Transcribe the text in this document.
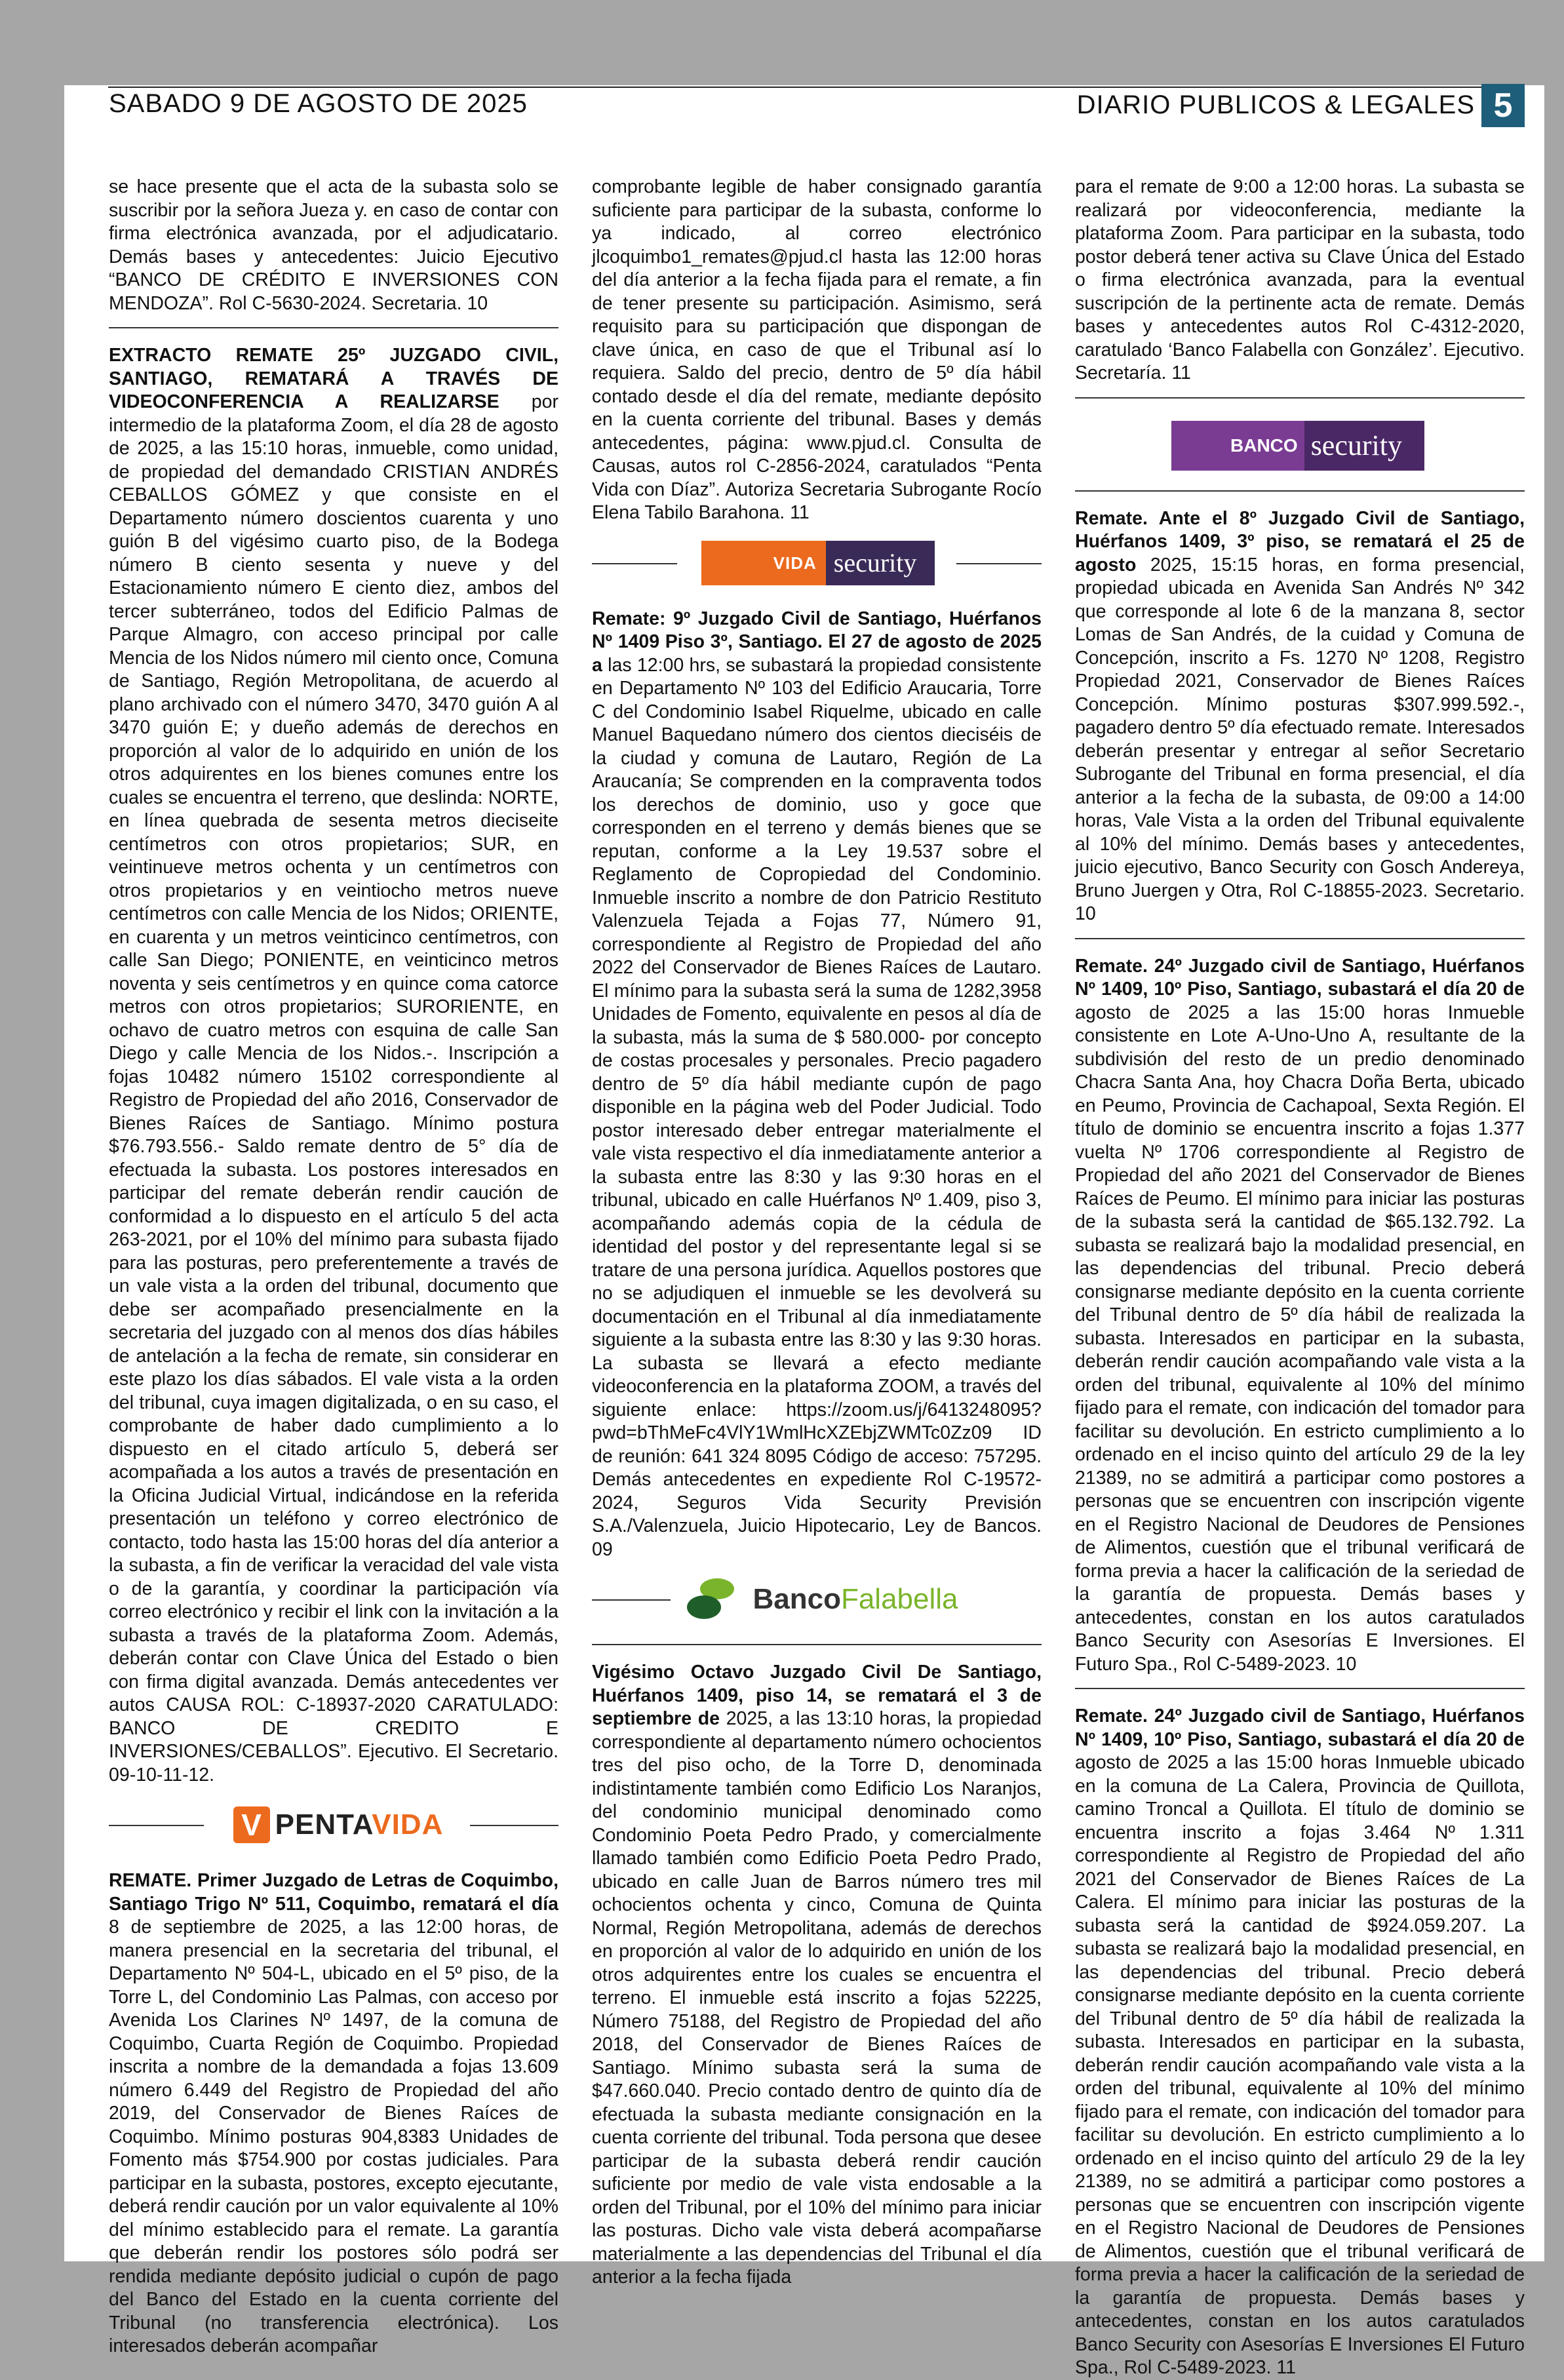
SABADO 9 DE AGOSTO DE 2025	DIARIO PUBLICOS & LEGALES 5

se hace presente que el acta de la subasta solo se suscribir por la señora Jueza y. en caso de contar con firma electrónica avanzada, por el adjudicatario. Demás bases y antecedentes: Juicio Ejecutivo “BANCO DE CRÉDITO E INVERSIONES CON MENDOZA”. Rol C-5630-2024. Secretaria. 10

EXTRACTO REMATE 25º JUZGADO CIVIL, SANTIAGO, REMATARÁ A TRAVÉS DE VIDEOCONFERENCIA A REALIZARSE por intermedio de la plataforma Zoom, el día 28 de agosto de 2025, a las 15:10 horas, inmueble, como unidad, de propiedad del demandado CRISTIAN ANDRÉS CEBALLOS GÓMEZ y que consiste en el Departamento número doscientos cuarenta y uno guión B del vigésimo cuarto piso, de la Bodega número B ciento sesenta y nueve y del Estacionamiento número E ciento diez, ambos del tercer subterráneo, todos del Edificio Palmas de Parque Almagro, con acceso principal por calle Mencia de los Nidos número mil ciento once, Comuna de Santiago, Región Metropolitana, de acuerdo al plano archivado con el número 3470, 3470 guión A al 3470 guión E; y dueño además de derechos en proporción al valor de lo adquirido en unión de los otros adquirentes en los bienes comunes entre los cuales se encuentra el terreno, que deslinda: NORTE, en línea quebrada de sesenta metros dieciseite centímetros con otros propietarios; SUR, en veintinueve metros ochenta y un centímetros con otros propietarios y en veintiocho metros nueve centímetros con calle Mencia de los Nidos; ORIENTE, en cuarenta y un metros veinticinco centímetros, con calle San Diego; PONIENTE, en veinticinco metros noventa y seis centímetros y en quince coma catorce metros con otros propietarios; SURORIENTE, en ochavo de cuatro metros con esquina de calle San Diego y calle Mencia de los Nidos.-. Inscripción a fojas 10482 número 15102 correspondiente al Registro de Propiedad del año 2016, Conservador de Bienes Raíces de Santiago. Mínimo postura $76.793.556.- Saldo remate dentro de 5° día de efectuada la subasta. Los postores interesados en participar del remate deberán rendir caución de conformidad a lo dispuesto en el artículo 5 del acta 263-2021, por el 10% del mínimo para subasta fijado para las posturas, pero preferentemente a través de un vale vista a la orden del tribunal, documento que debe ser acompañado presencialmente en la secretaria del juzgado con al menos dos días hábiles de antelación a la fecha de remate, sin considerar en este plazo los días sábados. El vale vista a la orden del tribunal, cuya imagen digitalizada, o en su caso, el comprobante de haber dado cumplimiento a lo dispuesto en el citado artículo 5, deberá ser acompañada a los autos a través de presentación en la Oficina Judicial Virtual, indicándose en la referida presentación un teléfono y correo electrónico de contacto, todo hasta las 15:00 horas del día anterior a la subasta, a fin de verificar la veracidad del vale vista o de la garantía, y coordinar la participación vía correo electrónico y recibir el link con la invitación a la subasta a través de la plataforma Zoom. Además, deberán contar con Clave Única del Estado o bien con firma digital avanzada. Demás antecedentes ver autos CAUSA ROL: C-18937-2020 CARATULADO: BANCO DE CREDITO E INVERSIONES/CEBALLOS”. Ejecutivo. El Secretario. 09-10-11-12.

V PENTAVIDA

REMATE. Primer Juzgado de Letras de Coquimbo, Santiago Trigo Nº 511, Coquimbo, rematará el día 8 de septiembre de 2025, a las 12:00 horas, de manera presencial en la secretaria del tribunal, el Departamento Nº 504-L, ubicado en el 5º piso, de la Torre L, del Condominio Las Palmas, con acceso por Avenida Los Clarines Nº 1497, de la comuna de Coquimbo, Cuarta Región de Coquimbo. Propiedad inscrita a nombre de la demandada a fojas 13.609 número 6.449 del Registro de Propiedad del año 2019, del Conservador de Bienes Raíces de Coquimbo. Mínimo posturas 904,8383 Unidades de Fomento más $754.900 por costas judiciales. Para participar en la subasta, postores, excepto ejecutante, deberá rendir caución por un valor equivalente al 10% del mínimo establecido para el remate. La garantía que deberán rendir los postores sólo podrá ser rendida mediante depósito judicial o cupón de pago del Banco del Estado en la cuenta corriente del Tribunal (no transferencia electrónica). Los interesados deberán acompañar

comprobante legible de haber consignado garantía suficiente para participar de la subasta, conforme lo ya indicado, al correo electrónico jlcoquimbo1_remates@pjud.cl hasta las 12:00 horas del día anterior a la fecha fijada para el remate, a fin de tener presente su participación. Asimismo, será requisito para su participación que dispongan de clave única, en caso de que el Tribunal así lo requiera. Saldo del precio, dentro de 5º día hábil contado desde el día del remate, mediante depósito en la cuenta corriente del tribunal. Bases y demás antecedentes, página: www.pjud.cl. Consulta de Causas, autos rol C-2856-2024, caratulados “Penta Vida con Díaz”. Autoriza Secretaria Subrogante Rocío Elena Tabilo Barahona. 11

VIDA security

Remate: 9º Juzgado Civil de Santiago, Huérfanos Nº 1409 Piso 3º, Santiago. El 27 de agosto de 2025 a las 12:00 hrs, se subastará la propiedad consistente en Departamento Nº 103 del Edificio Araucaria, Torre C del Condominio Isabel Riquelme, ubicado en calle Manuel Baquedano número dos cientos dieciséis de la ciudad y comuna de Lautaro, Región de La Araucanía; Se comprenden en la compraventa todos los derechos de dominio, uso y goce que corresponden en el terreno y demás bienes que se reputan, conforme a la Ley 19.537 sobre el Reglamento de Copropiedad del Condominio. Inmueble inscrito a nombre de don Patricio Restituto Valenzuela Tejada a Fojas 77, Número 91, correspondiente al Registro de Propiedad del año 2022 del Conservador de Bienes Raíces de Lautaro. El mínimo para la subasta será la suma de 1282,3958 Unidades de Fomento, equivalente en pesos al día de la subasta, más la suma de $ 580.000- por concepto de costas procesales y personales. Precio pagadero dentro de 5º día hábil mediante cupón de pago disponible en la página web del Poder Judicial. Todo postor interesado deber entregar materialmente el vale vista respectivo el día inmediatamente anterior a la subasta entre las 8:30 y las 9:30 horas en el tribunal, ubicado en calle Huérfanos Nº 1.409, piso 3, acompañando además copia de la cédula de identidad del postor y del representante legal si se tratare de una persona jurídica. Aquellos postores que no se adjudiquen el inmueble se les devolverá su documentación en el Tribunal al día inmediatamente siguiente a la subasta entre las 8:30 y las 9:30 horas. La subasta se llevará a efecto mediante videoconferencia en la plataforma ZOOM, a través del siguiente enlace: https://zoom.us/j/6413248095?pwd=bThMeFc4VlY1WmlHcXZEbjZWMTc0Zz09 ID de reunión: 641 324 8095 Código de acceso: 757295. Demás antecedentes en expediente Rol C-19572-2024, Seguros Vida Security Previsión S.A./Valenzuela, Juicio Hipotecario, Ley de Bancos. 09

BancoFalabella

Vigésimo Octavo Juzgado Civil De Santiago, Huérfanos 1409, piso 14, se rematará el 3 de septiembre de 2025, a las 13:10 horas, la propiedad correspondiente al departamento número ochocientos tres del piso ocho, de la Torre D, denominada indistintamente también como Edificio Los Naranjos, del condominio municipal denominado como Condominio Poeta Pedro Prado, y comercialmente llamado también como Edificio Poeta Pedro Prado, ubicado en calle Juan de Barros número tres mil ochocientos ochenta y cinco, Comuna de Quinta Normal, Región Metropolitana, además de derechos en proporción al valor de lo adquirido en unión de los otros adquirentes entre los cuales se encuentra el terreno. El inmueble está inscrito a fojas 52225, Número 75188, del Registro de Propiedad del año 2018, del Conservador de Bienes Raíces de Santiago. Mínimo subasta será la suma de $47.660.040. Precio contado dentro de quinto día de efectuada la subasta mediante consignación en la cuenta corriente del tribunal. Toda persona que desee participar de la subasta deberá rendir caución suficiente por medio de vale vista endosable a la orden del Tribunal, por el 10% del mínimo para iniciar las posturas. Dicho vale vista deberá acompañarse materialmente a las dependencias del Tribunal el día anterior a la fecha fijada

para el remate de 9:00 a 12:00 horas. La subasta se realizará por videoconferencia, mediante la plataforma Zoom. Para participar en la subasta, todo postor deberá tener activa su Clave Única del Estado o firma electrónica avanzada, para la eventual suscripción de la pertinente acta de remate. Demás bases y antecedentes autos Rol C-4312-2020, caratulado ‘Banco Falabella con González’. Ejecutivo. Secretaría. 11

BANCO security

Remate. Ante el 8º Juzgado Civil de Santiago, Huérfanos 1409, 3º piso, se rematará el 25 de agosto 2025, 15:15 horas, en forma presencial, propiedad ubicada en Avenida San Andrés Nº 342 que corresponde al lote 6 de la manzana 8, sector Lomas de San Andrés, de la cuidad y Comuna de Concepción, inscrito a Fs. 1270 Nº 1208, Registro Propiedad 2021, Conservador de Bienes Raíces Concepción. Mínimo posturas $307.999.592.-, pagadero dentro 5º día efectuado remate. Interesados deberán presentar y entregar al señor Secretario Subrogante del Tribunal en forma presencial, el día anterior a la fecha de la subasta, de 09:00 a 14:00 horas, Vale Vista a la orden del Tribunal equivalente al 10% del mínimo. Demás bases y antecedentes, juicio ejecutivo, Banco Security con Gosch Andereya, Bruno Juergen y Otra, Rol C-18855-2023. Secretario. 10

Remate. 24º Juzgado civil de Santiago, Huérfanos Nº 1409, 10º Piso, Santiago, subastará el día 20 de agosto de 2025 a las 15:00 horas Inmueble consistente en Lote A-Uno-Uno A, resultante de la subdivisión del resto de un predio denominado Chacra Santa Ana, hoy Chacra Doña Berta, ubicado en Peumo, Provincia de Cachapoal, Sexta Región. El título de dominio se encuentra inscrito a fojas 1.377 vuelta Nº 1706 correspondiente al Registro de Propiedad del año 2021 del Conservador de Bienes Raíces de Peumo. El mínimo para iniciar las posturas de la subasta será la cantidad de $65.132.792. La subasta se realizará bajo la modalidad presencial, en las dependencias del tribunal. Precio deberá consignarse mediante depósito en la cuenta corriente del Tribunal dentro de 5º día hábil de realizada la subasta. Interesados en participar en la subasta, deberán rendir caución acompañando vale vista a la orden del tribunal, equivalente al 10% del mínimo fijado para el remate, con indicación del tomador para facilitar su devolución. En estricto cumplimiento a lo ordenado en el inciso quinto del artículo 29 de la ley 21389, no se admitirá a participar como postores a personas que se encuentren con inscripción vigente en el Registro Nacional de Deudores de Pensiones de Alimentos, cuestión que el tribunal verificará de forma previa a hacer la calificación de la seriedad de la garantía de propuesta. Demás bases y antecedentes, constan en los autos caratulados Banco Security con Asesorías E Inversiones. El Futuro Spa., Rol C-5489-2023. 10

Remate. 24º Juzgado civil de Santiago, Huérfanos Nº 1409, 10º Piso, Santiago, subastará el día 20 de agosto de 2025 a las 15:00 horas Inmueble ubicado en la comuna de La Calera, Provincia de Quillota, camino Troncal a Quillota. El título de dominio se encuentra inscrito a fojas 3.464 Nº 1.311 correspondiente al Registro de Propiedad del año 2021 del Conservador de Bienes Raíces de La Calera. El mínimo para iniciar las posturas de la subasta será la cantidad de $924.059.207. La subasta se realizará bajo la modalidad presencial, en las dependencias del tribunal. Precio deberá consignarse mediante depósito en la cuenta corriente del Tribunal dentro de 5º día hábil de realizada la subasta. Interesados en participar en la subasta, deberán rendir caución acompañando vale vista a la orden del tribunal, equivalente al 10% del mínimo fijado para el remate, con indicación del tomador para facilitar su devolución. En estricto cumplimiento a lo ordenado en el inciso quinto del artículo 29 de la ley 21389, no se admitirá a participar como postores a personas que se encuentren con inscripción vigente en el Registro Nacional de Deudores de Pensiones de Alimentos, cuestión que el tribunal verificará de forma previa a hacer la calificación de la seriedad de la garantía de propuesta. Demás bases y antecedentes, constan en los autos caratulados Banco Security con Asesorías E Inversiones El Futuro Spa., Rol C-5489-2023. 11
